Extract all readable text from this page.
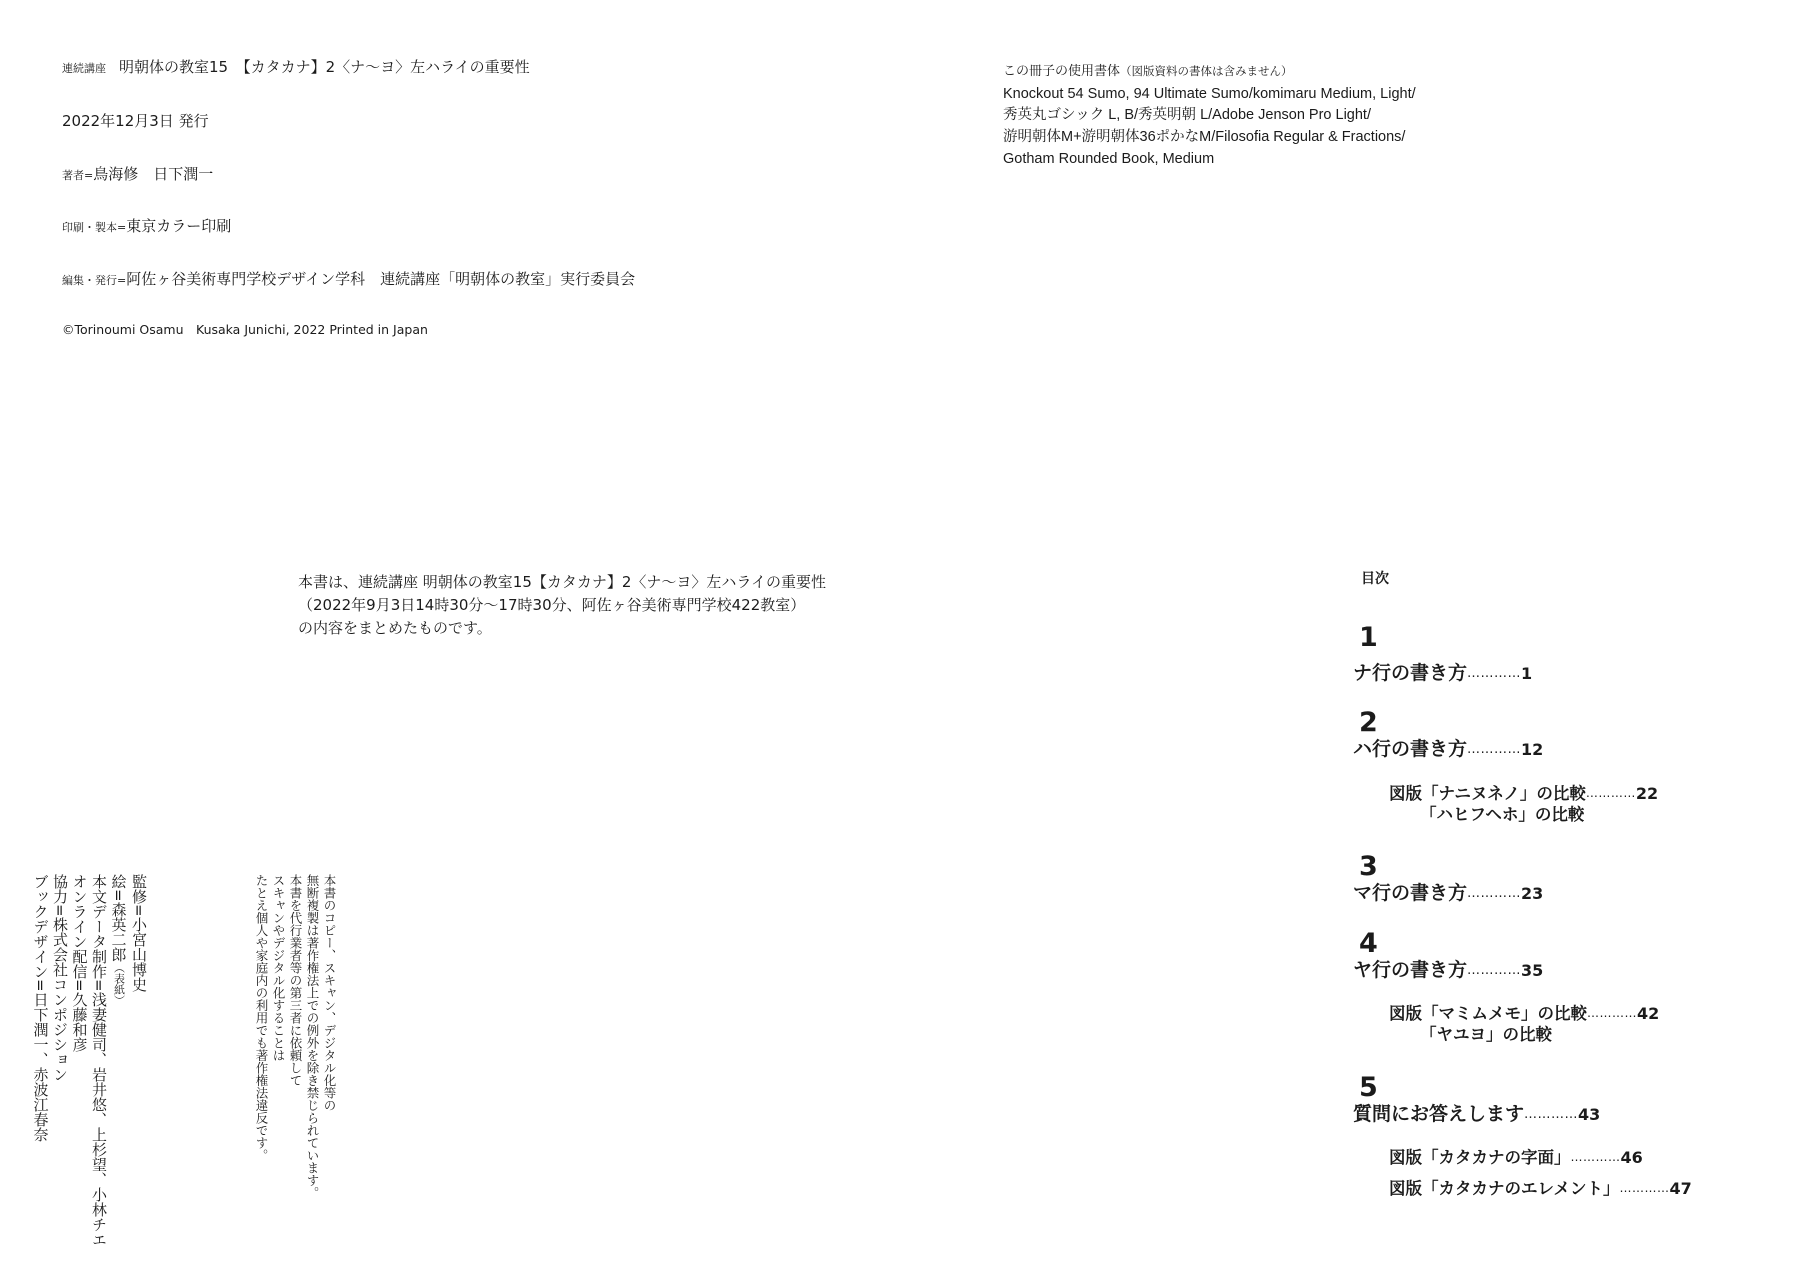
連続講座 明朝体の教室15　【カタカナ】2〈ナ〜ヨ〉左ハライの重要性
2022年12月3日 発行
著者=鳥海修　日下潤一
印刷・製本=東京カラー印刷
編集・発行=阿佐ヶ谷美術専門学校デザイン学科　連続講座「明朝体の教室」実行委員会
©Torinoumi Osamu　Kusaka Junichi, 2022 Printed in Japan
この冊子の使用書体（図版資料の書体は含みません）
Knockout 54 Sumo, 94 Ultimate Sumo/komimaru Medium, Light/
秀英丸ゴシック L, B/秀英明朝 L/Adobe Jenson Pro Light/
游明朝体M+游明朝体36ポかなM/Filosofia Regular & Fractions/
Gotham Rounded Book, Medium
本書は、連続講座 明朝体の教室15【カタカナ】2〈ナ〜ヨ〉左ハライの重要性
（2022年9月3日14時30分〜17時30分、阿佐ヶ谷美術専門学校422教室）
の内容をまとめたものです。
監修=小宮山博史
絵=森英二郎（表紙）
本文データ制作=浅妻健司、岩井悠、上杉望、小林チエ
オンライン配信=久藤和彦
協力=株式会社コンポジション
ブックデザイン=日下潤一、赤波江春奈	本書のコピー、スキャン、デジタル化等の
無断複製は著作権法上での例外を除き禁じられています。
本書を代行業者等の第三者に依頼して
スキャンやデジタル化することは
たとえ個人や家庭内の利用でも著作権法違反です。
目次
1
ナ行の書き方…………1
2
ハ行の書き方…………12
図版「ナニヌネノ」の比較…………22
「ハヒフヘホ」の比較
3
マ行の書き方…………23
4
ヤ行の書き方…………35
図版「マミムメモ」の比較…………42
「ヤユヨ」の比較
5
質問にお答えします…………43
図版「カタカナの字面」…………46
図版「カタカナのエレメント」…………47
